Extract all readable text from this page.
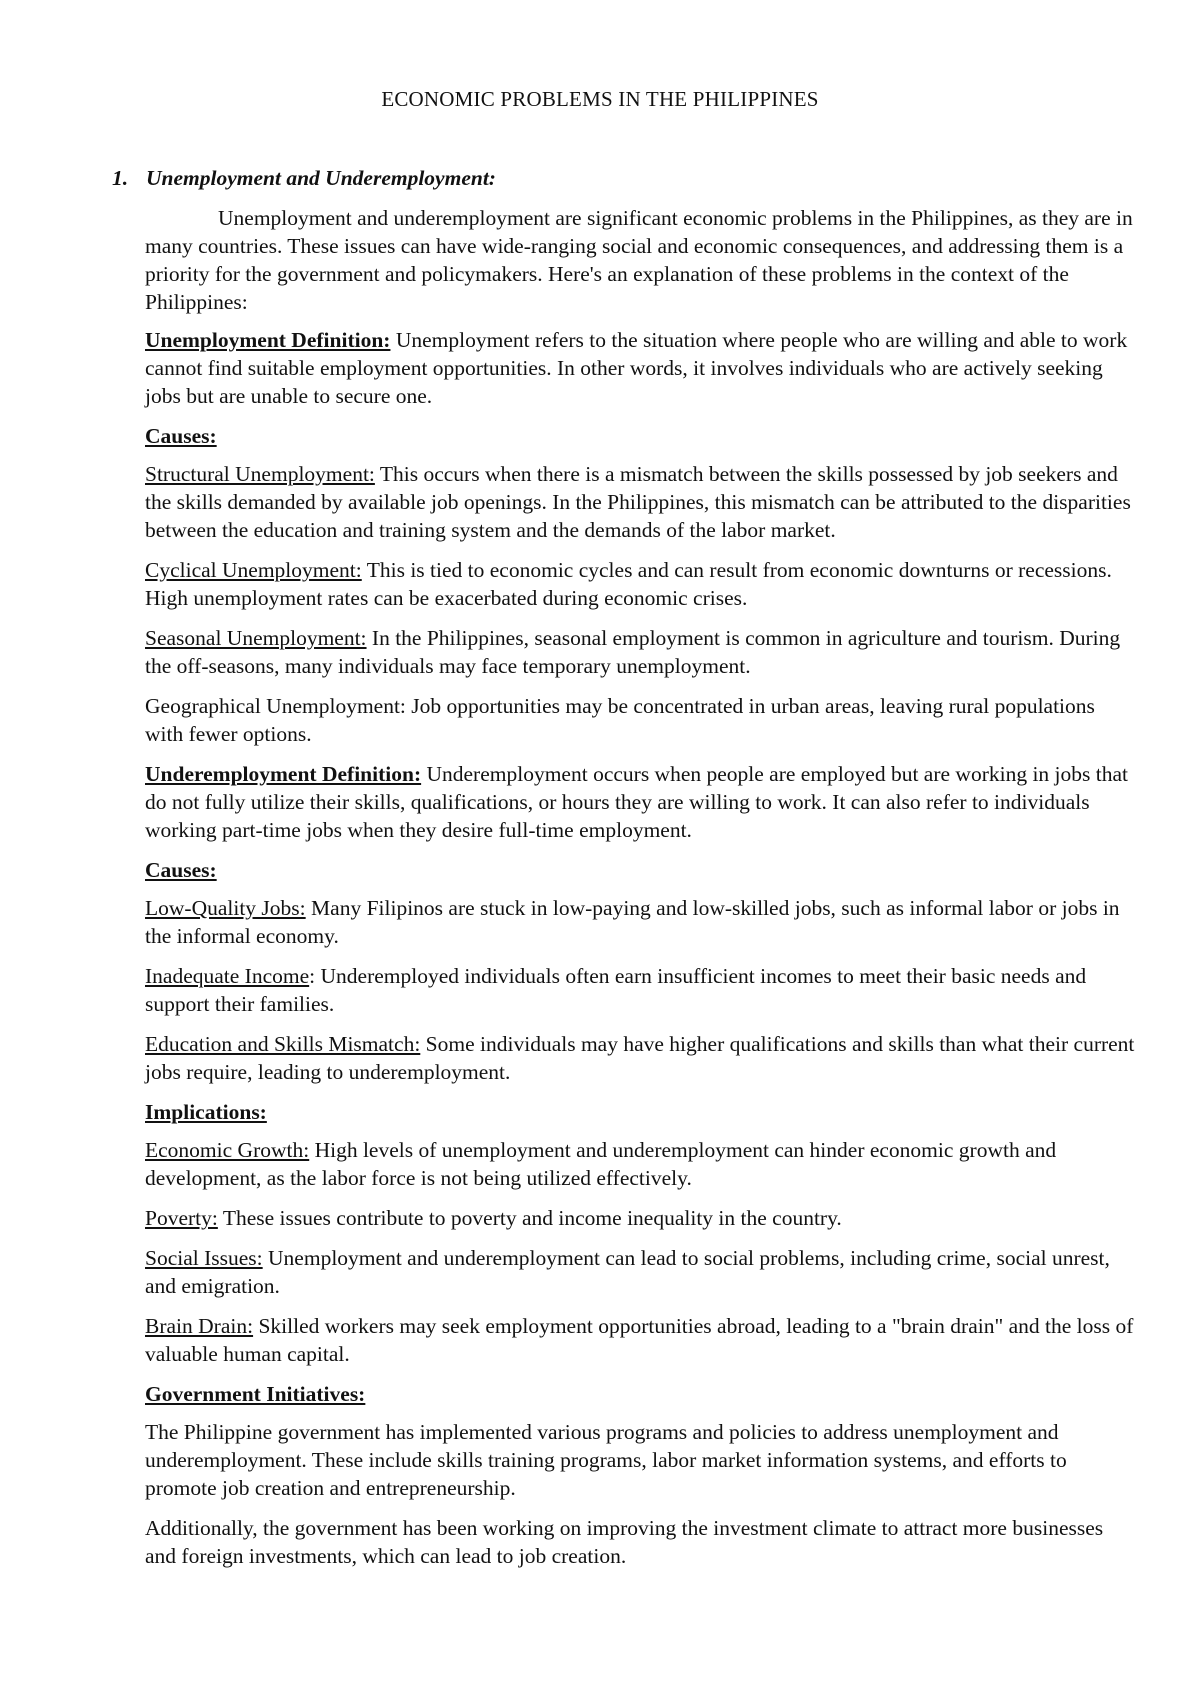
ECONOMIC PROBLEMS IN THE PHILIPPINES
1. Unemployment and Underemployment:

Unemployment and underemployment are significant economic problems in the Philippines, as they are in many countries. These issues can have wide-ranging social and economic consequences, and addressing them is a priority for the government and policymakers. Here's an explanation of these problems in the context of the Philippines:

Unemployment Definition: Unemployment refers to the situation where people who are willing and able to work cannot find suitable employment opportunities. In other words, it involves individuals who are actively seeking jobs but are unable to secure one.

Causes:

Structural Unemployment: This occurs when there is a mismatch between the skills possessed by job seekers and the skills demanded by available job openings. In the Philippines, this mismatch can be attributed to the disparities between the education and training system and the demands of the labor market.

Cyclical Unemployment: This is tied to economic cycles and can result from economic downturns or recessions. High unemployment rates can be exacerbated during economic crises.

Seasonal Unemployment: In the Philippines, seasonal employment is common in agriculture and tourism. During the off-seasons, many individuals may face temporary unemployment.

Geographical Unemployment: Job opportunities may be concentrated in urban areas, leaving rural populations with fewer options.

Underemployment Definition: Underemployment occurs when people are employed but are working in jobs that do not fully utilize their skills, qualifications, or hours they are willing to work. It can also refer to individuals working part-time jobs when they desire full-time employment.

Causes:

Low-Quality Jobs: Many Filipinos are stuck in low-paying and low-skilled jobs, such as informal labor or jobs in the informal economy.

Inadequate Income: Underemployed individuals often earn insufficient incomes to meet their basic needs and support their families.

Education and Skills Mismatch: Some individuals may have higher qualifications and skills than what their current jobs require, leading to underemployment.

Implications:

Economic Growth: High levels of unemployment and underemployment can hinder economic growth and development, as the labor force is not being utilized effectively.

Poverty: These issues contribute to poverty and income inequality in the country.

Social Issues: Unemployment and underemployment can lead to social problems, including crime, social unrest, and emigration.

Brain Drain: Skilled workers may seek employment opportunities abroad, leading to a "brain drain" and the loss of valuable human capital.

Government Initiatives:

The Philippine government has implemented various programs and policies to address unemployment and underemployment. These include skills training programs, labor market information systems, and efforts to promote job creation and entrepreneurship.

Additionally, the government has been working on improving the investment climate to attract more businesses and foreign investments, which can lead to job creation.
